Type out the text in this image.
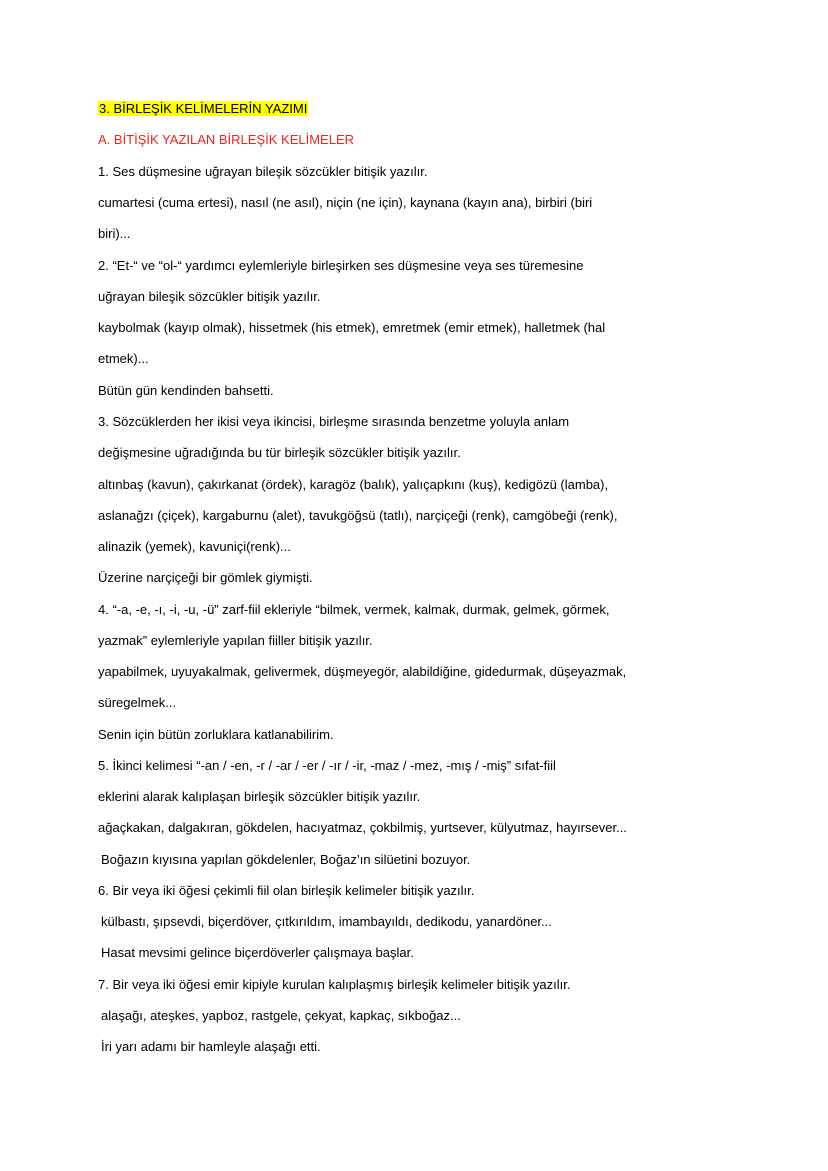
3. BİRLEŞİK KELİMELERİN YAZIMI
A. BİTİŞİK YAZILAN BİRLEŞİK KELİMELER
1. Ses düşmesine uğrayan bileşik sözcükler bitişik yazılır.
cumartesi (cuma ertesi), nasıl (ne asıl), niçin (ne için), kaynana (kayın ana), birbiri (biri
biri)...
2. “Et-“ ve “ol-“ yardımcı eylemleriyle birleşirken ses düşmesine veya ses türemesine
uğrayan bileşik sözcükler bitişik yazılır.
kaybolmak (kayıp olmak), hissetmek (his etmek), emretmek (emir etmek), halletmek (hal
etmek)...
Bütün gün kendinden bahsetti.
3. Sözcüklerden her ikisi veya ikincisi, birleşme sırasında benzetme yoluyla anlam
değişmesine uğradığında bu tür birleşik sözcükler bitişik yazılır.
altınbaş (kavun), çakırkanat (ördek), karagöz (balık), yalıçapkını (kuş), kedigözü (lamba),
aslanağzı (çiçek), kargaburnu (alet), tavukgöğsü (tatlı), narçiçeği (renk), camgöbeği (renk),
alinazik (yemek), kavuniçi(renk)...
Üzerine narçiçeği bir gömlek giymişti.
4. “-a, -e, -ı, -i, -u, -ü” zarf-fiil ekleriyle “bilmek, vermek, kalmak, durmak, gelmek, görmek,
yazmak” eylemleriyle yapılan fiiller bitişik yazılır.
yapabilmek, uyuyakalmak, gelivermek, düşmeyegör, alabildiğine, gidedurmak, düşeyazmak,
süregelmek...
Senin için bütün zorluklara katlanabilirim.
5. İkinci kelimesi “-an / -en, -r / -ar / -er / -ır / -ir, -maz / -mez, -mış / -miş” sıfat-fiil
eklerini alarak kalıplaşan birleşik sözcükler bitişik yazılır.
ağaçkakan, dalgakıran, gökdelen, hacıyatmaz, çokbilmiş, yurtsever, külyutmaz, hayırsever...
Boğazın kıyısına yapılan gökdelenler, Boğaz’ın silüetini bozuyor.
6. Bir veya iki öğesi çekimli fiil olan birleşik kelimeler bitişik yazılır.
külbastı, şıpsevdi, biçerdöver, çıtkırıldım, imambayıldı, dedikodu, yanardöner...
Hasat mevsimi gelince biçerdöverler çalışmaya başlar.
7. Bir veya iki öğesi emir kipiyle kurulan kalıplaşmış birleşik kelimeler bitişik yazılır.
alaşağı, ateşkes, yapboz, rastgele, çekyat, kapkaç, sıkboğaz...
İri yarı adamı bir hamleyle alaşağı etti.
